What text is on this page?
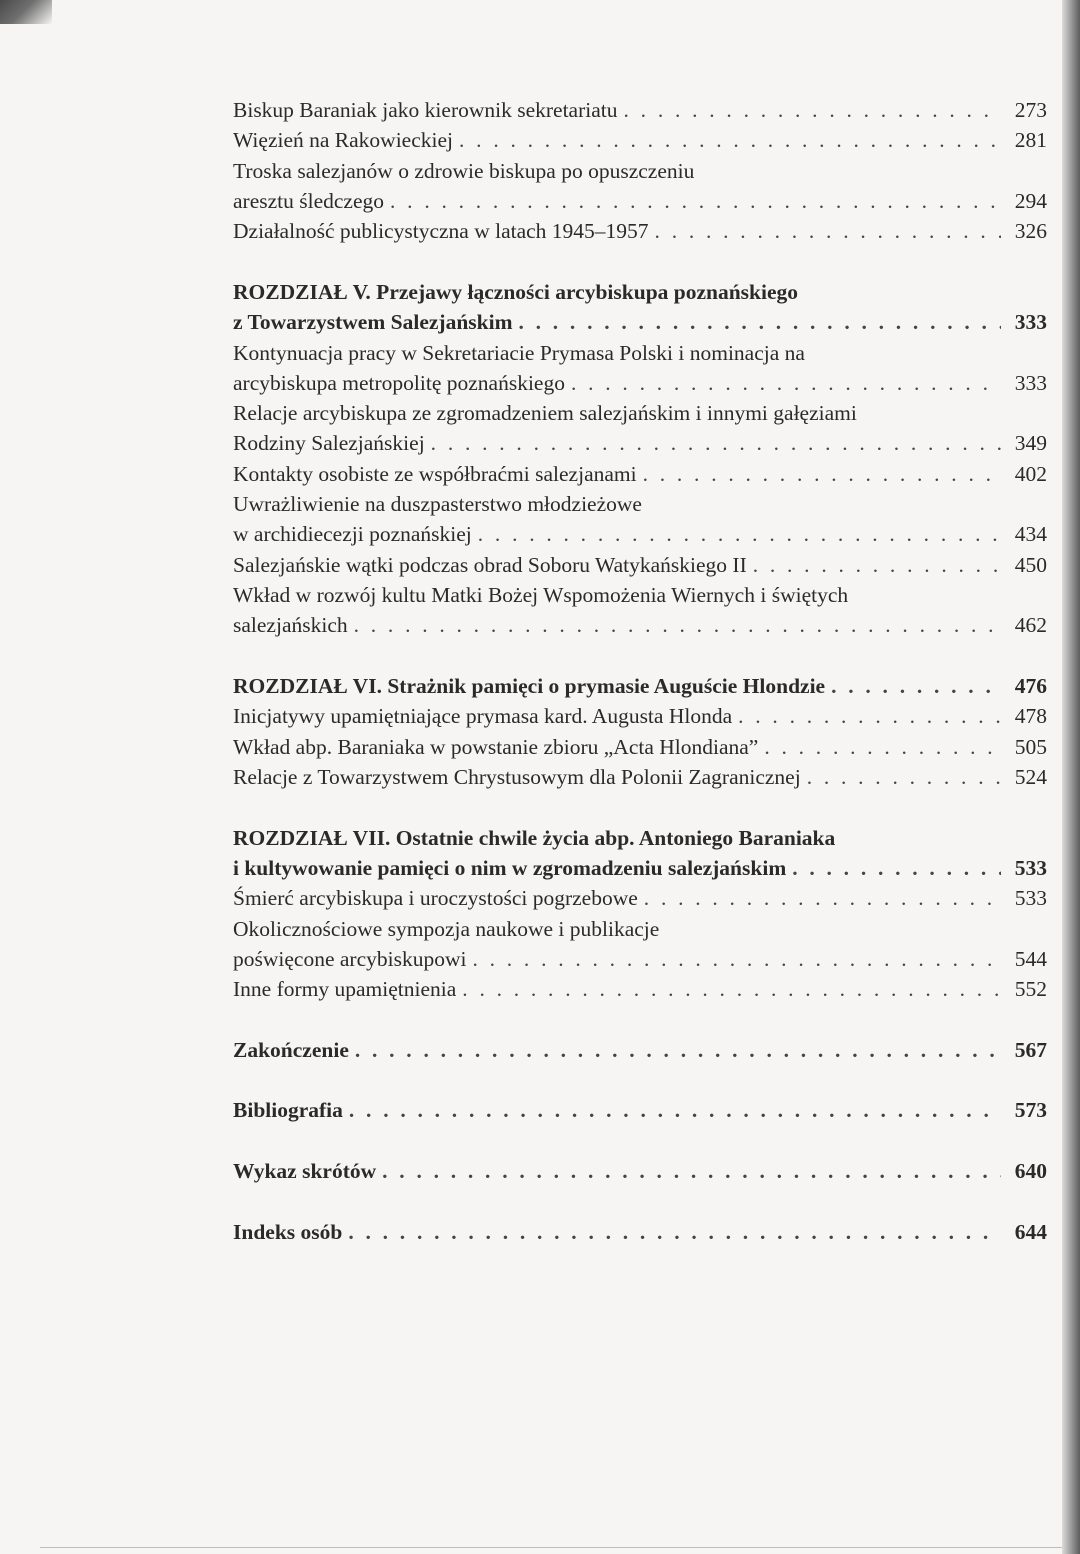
Biskup Baraniak jako kierownik sekretariatu . . .	273
Więzień na Rakowieckiej . . .	281
Troska salezjanów o zdrowie biskupa po opuszczeniu
aresztu śledczego . . .	294
Działalność publicystyczna w latach 1945–1957 . . .	326
ROZDZIAŁ V. Przejawy łączności arcybiskupa poznańskiego
z Towarzystwem Salezjańskim . . .	333
Kontynuacja pracy w Sekretariacie Prymasa Polski i nominacja na
arcybiskupa metropolitę poznańskiego . . .	333
Relacje arcybiskupa ze zgromadzeniem salezjańskim i innymi gałęziami
Rodziny Salezjańskiej . . .	349
Kontakty osobiste ze współbraćmi salezjanami . . .	402
Uwrażliwienie na duszpasterstwo młodzieżowe
w archidiecezji poznańskiej . . .	434
Salezjańskie wątki podczas obrad Soboru Watykańskiego II . . .	450
Wkład w rozwój kultu Matki Bożej Wspomożenia Wiernych i świętych
salezjańskich . . .	462
ROZDZIAŁ VI. Strażnik pamięci o prymasie Auguście Hlondzie . . .	476
Inicjatywy upamiętniające prymasa kard. Augusta Hlonda . . .	478
Wkład abp. Baraniaka w powstanie zbioru „Acta Hlondiana” . . .	505
Relacje z Towarzystwem Chrystusowym dla Polonii Zagranicznej . . .	524
ROZDZIAŁ VII. Ostatnie chwile życia abp. Antoniego Baraniaka
i kultywowanie pamięci o nim w zgromadzeniu salezjańskim . . .	533
Śmierć arcybiskupa i uroczystości pogrzebowe . . .	533
Okolicznościowe sympozja naukowe i publikacje
poświęcone arcybiskupowi . . .	544
Inne formy upamiętnienia . . .	552
Zakończenie . . .	567
Bibliografia . . .	573
Wykaz skrótów . . .	640
Indeks osób . . .	644
